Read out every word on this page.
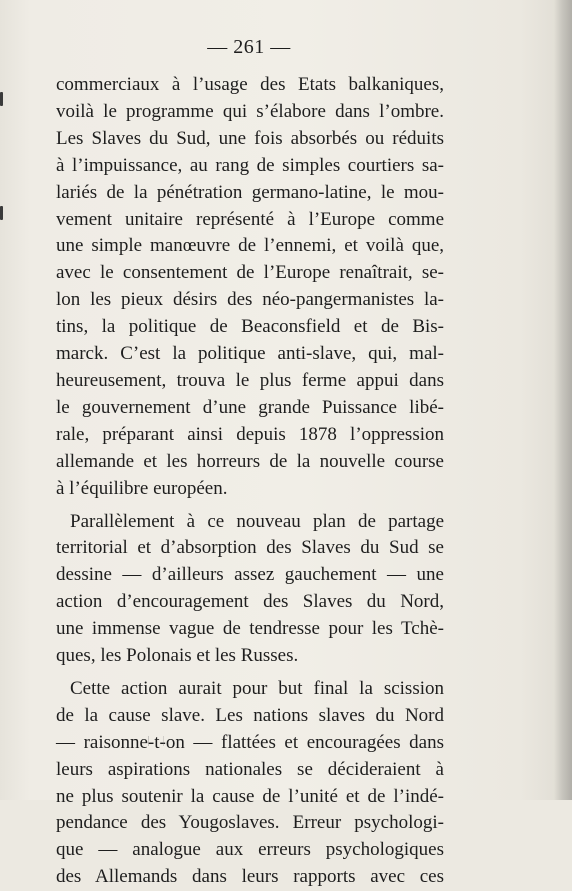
— 261 —

commerciaux à l’usage des Etats balkaniques,
voilà le programme qui s’élabore dans l’ombre.
Les Slaves du Sud, une fois absorbés ou réduits
à l’impuissance, au rang de simples courtiers sa-
lariés de la pénétration germano-latine, le mou-
vement unitaire représenté à l’Europe comme
une simple manœuvre de l’ennemi, et voilà que,
avec le consentement de l’Europe renaîtrait, se-
lon les pieux désirs des néo-pangermanistes la-
tins, la politique de Beaconsfield et de Bis-
marck. C’est la politique anti-slave, qui, mal-
heureusement, trouva le plus ferme appui dans
le gouvernement d’une grande Puissance libé-
rale, préparant ainsi depuis 1878 l’oppression
allemande et les horreurs de la nouvelle course
à l’équilibre européen.

Parallèlement à ce nouveau plan de partage
territorial et d’absorption des Slaves du Sud se
dessine — d’ailleurs assez gauchement — une
action d’encouragement des Slaves du Nord,
une immense vague de tendresse pour les Tchè-
ques, les Polonais et les Russes.

Cette action aurait pour but final la scission
de la cause slave. Les nations slaves du Nord
— raisonne-t-on — flattées et encouragées dans
leurs aspirations nationales se décideraient à
ne plus soutenir la cause de l’unité et de l’indé-
pendance des Yougoslaves. Erreur psychologi-
que — analogue aux erreurs psychologiques
des Allemands dans leurs rapports avec ces
